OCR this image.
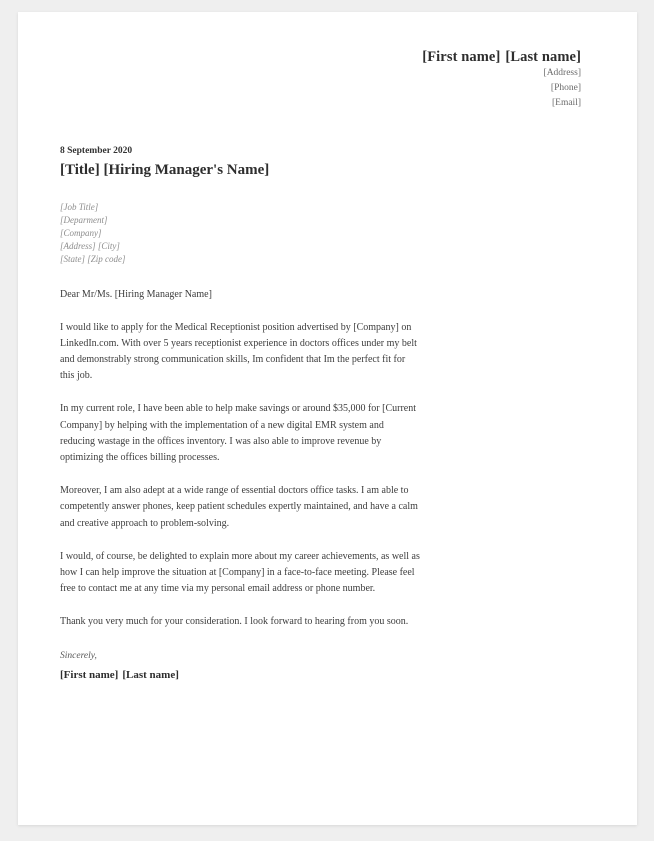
[First name] [Last name]
[Address]
[Phone]
[Email]
8 September 2020
[Title] [Hiring Manager's Name]
[Job Title]
[Deparment]
[Company]
[Address] [City]
[State] [Zip code]
Dear Mr/Ms. [Hiring Manager Name]
I would like to apply for the Medical Receptionist position advertised by [Company] on LinkedIn.com. With over 5 years receptionist experience in doctors offices under my belt and demonstrably strong communication skills, Im confident that Im the perfect fit for this job.
In my current role, I have been able to help make savings or around $35,000 for [Current Company] by helping with the implementation of a new digital EMR system and reducing wastage in the offices inventory. I was also able to improve revenue by optimizing the offices billing processes.
Moreover, I am also adept at a wide range of essential doctors office tasks. I am able to competently answer phones, keep patient schedules expertly maintained, and have a calm and creative approach to problem-solving.
I would, of course, be delighted to explain more about my career achievements, as well as how I can help improve the situation at [Company] in a face-to-face meeting. Please feel free to contact me at any time via my personal email address or phone number.
Thank you very much for your consideration. I look forward to hearing from you soon.
Sincerely,
[First name] [Last name]
